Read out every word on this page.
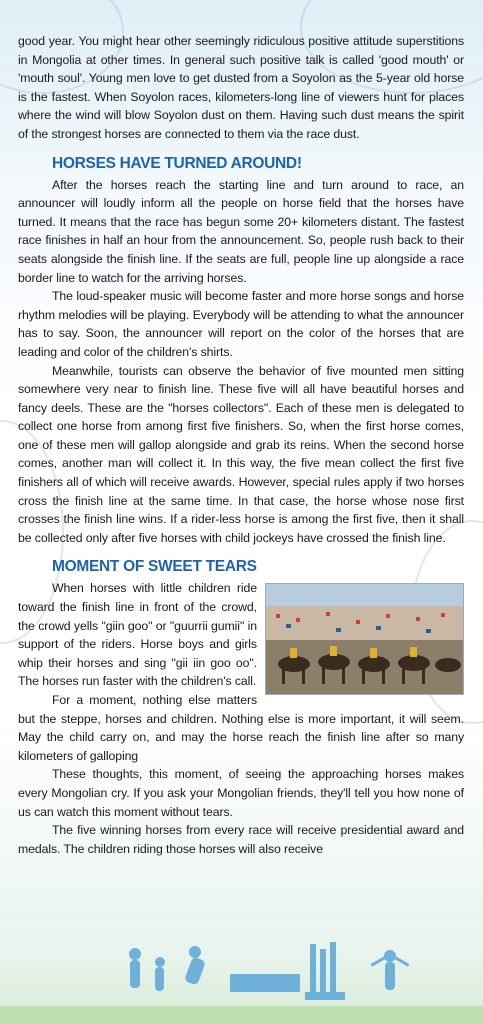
good year. You might hear other seemingly ridiculous positive attitude superstitions in Mongolia at other times. In general such positive talk is called 'good mouth' or 'mouth soul'. Young men love to get dusted from a Soyolon as the 5-year old horse is the fastest. When Soyolon races, kilometers-long line of viewers hunt for places where the wind will blow Soyolon dust on them. Having such dust means the spirit of the strongest horses are connected to them via the race dust.

HORSES HAVE TURNED AROUND!

After the horses reach the starting line and turn around to race, an announcer will loudly inform all the people on horse field that the horses have turned. It means that the race has begun some 20+ kilometers distant. The fastest race finishes in half an hour from the announcement. So, people rush back to their seats alongside the finish line. If the seats are full, people line up alongside a race border line to watch for the arriving horses.

The loud-speaker music will become faster and more horse songs and horse rhythm melodies will be playing. Everybody will be attending to what the announcer has to say. Soon, the announcer will report on the color of the horses that are leading and color of the children's shirts.

Meanwhile, tourists can observe the behavior of five mounted men sitting somewhere very near to finish line. These five will all have beautiful horses and fancy deels. These are the "horses collectors". Each of these men is delegated to collect one horse from among first five finishers. So, when the first horse comes, one of these men will gallop alongside and grab its reins. When the second horse comes, another man will collect it. In this way, the five mean collect the first five finishers all of which will receive awards. However, special rules apply if two horses cross the finish line at the same time. In that case, the horse whose nose first crosses the finish line wins. If a rider-less horse is among the first five, then it shall be collected only after five horses with child jockeys have crossed the finish line.

MOMENT OF SWEET TEARS

When horses with little children ride toward the finish line in front of the crowd, the crowd yells "giin goo" or "guurrii gumii" in support of the riders. Horse boys and girls whip their horses and sing "gii iin goo oo". The horses run faster with the children's call.

For a moment, nothing else matters but the steppe, horses and children. Nothing else is more important, it will seem. May the child carry on, and may the horse reach the finish line after so many kilometers of galloping

These thoughts, this moment, of seeing the approaching horses makes every Mongolian cry. If you ask your Mongolian friends, they'll tell you how none of us can watch this moment without tears.

The five winning horses from every race will receive presidential award and medals. The children riding those horses will also receive
